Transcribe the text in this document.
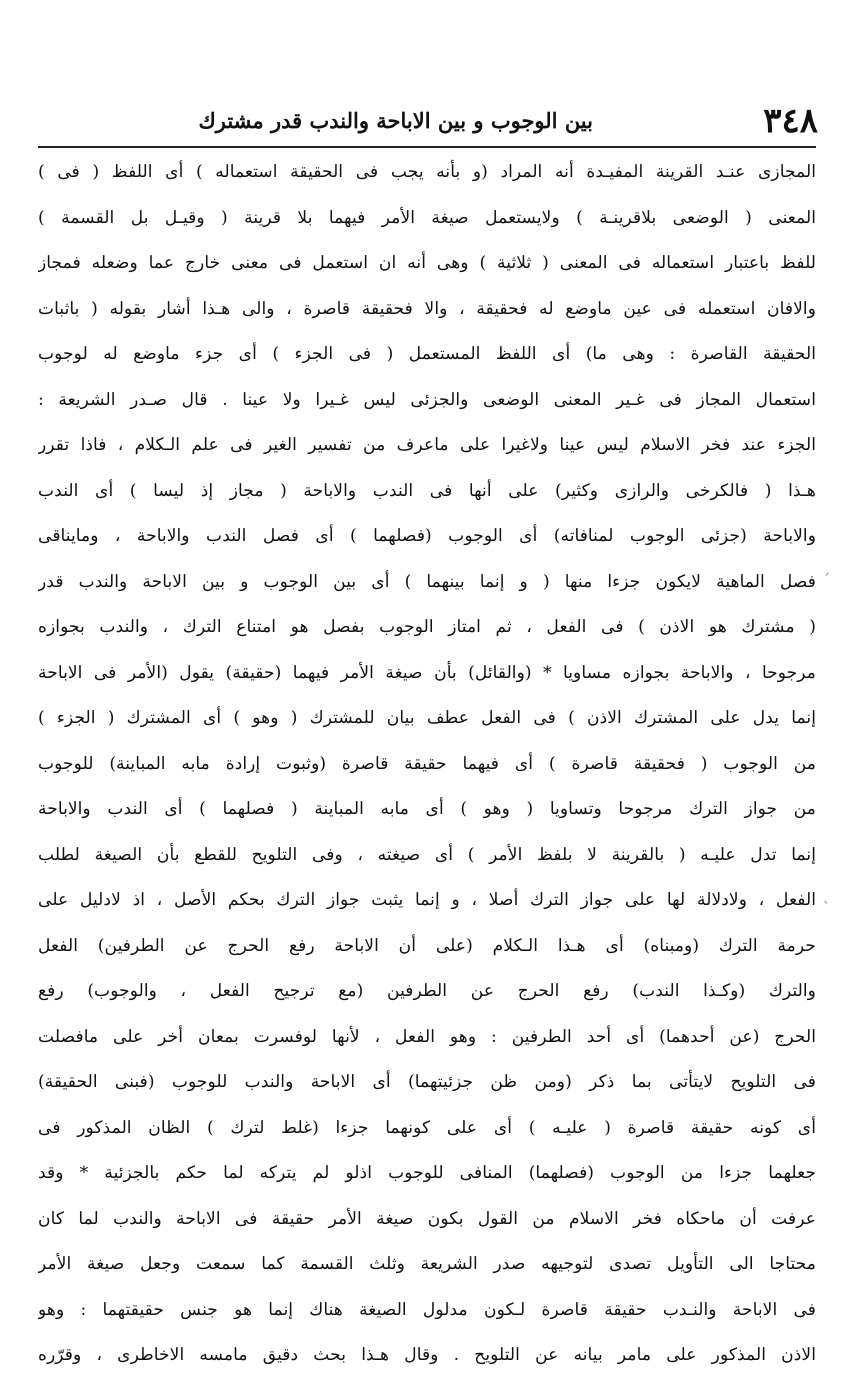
٣٤٨
بين الوجوب و بين الاباحة والندب قدر مشترك
المجازى عنـد القرينة المفيـدة أنه المراد (و بأنه يجب فى الحقيقة استعماله ) أى اللفظ ( فى )
المعنى ( الوضعى بلاقرينـة ) ولايستعمل صيغة الأمر فيهما بلا قرينة ( وقيـل بل القسمة )
للفظ باعتبار استعماله فى المعنى ( ثلاثية ) وهى أنه ان استعمل فى معنى خارج عما وضعله فمجاز
والافان استعمله فى عين ماوضع له فحقيقة ، والا فحقيقة قاصرة ، والى هـذا أشار بقوله ( باثبات
الحقيقة القاصرة : وهى ما) أى اللفظ المستعمل ( فى الجزء ) أى جزء ماوضع له لوجوب
استعمال المجاز فى غـير المعنى الوضعى والجزئى ليس غـيرا ولا عينا . قال صـدر الشريعة :
الجزء عند فخر الاسلام ليس عينا ولاغيرا على ماعرف من تفسير الغير فى علم الـكلام ، فاذا تقرر
هـذا ( فالكرخى والرازى وكثير) على أنها فى الندب والاباحة ( مجاز إذ ليسا ) أى الندب
والاباحة (جزئى الوجوب لمنافاته) أى الوجوب (فصلهما ) أى فصل الندب والاباحة ، ومايناقى
فصل الماهية لايكون جزءا منها ( و إنما بينهما ) أى بين الوجوب و بين الاباحة والندب قدر
( مشترك هو الاذن ) فى الفعل ، ثم امتاز الوجوب بفصل هو امتناع الترك ، والندب بجوازه
مرجوحا ، والاباحة بجوازه مساويا * (والقائل) بأن صيغة الأمر فيهما (حقيقة) يقول (الأمر فى الاباحة
إنما يدل على المشترك الاذن ) فى الفعل عطف بيان للمشترك ( وهو ) أى المشترك ( الجزء )
من الوجوب ( فحقيقة قاصرة ) أى فيهما حقيقة قاصرة (وثبوت إرادة مابه المباينة) للوجوب
من جواز الترك مرجوحا وتساويا ( وهو ) أى مابه المباينة ( فصلهما ) أى الندب والاباحة
إنما تدل عليـه ( بالقرينة لا بلفظ الأمر ) أى صيغته ، وفى التلويح للقطع بأن الصيغة لطلب
الفعل ، ولادلالة لها على جواز الترك أصلا ، و إنما يثبت جواز الترك بحكم الأصل ، اذ لادليل على
حرمة الترك (ومبناه) أى هـذا الـكلام (على أن الاباحة رفع الحرج عن الطرفين) الفعل
والترك (وكـذا الندب) رفع الحرج عن الطرفين (مع ترجيح الفعل ، والوجوب) رفع
الحرج (عن أحدهما) أى أحد الطرفين : وهو الفعل ، لأنها لوفسرت بمعان أخر على مافصلت
فى التلويح لايتأتى بما ذكر (ومن ظن جزئيتهما) أى الاباحة والندب للوجوب (فبنى الحقيقة)
أى كونه حقيقة قاصرة ( عليـه ) أى على كونهما جزءا (غلط لترك ) الظان المذكور فى
جعلهما جزءا من الوجوب (فصلهما) المنافى للوجوب اذلو لم يتركه لما حكم بالجزئية * وقد
عرفت أن ماحكاه فخر الاسلام من القول بكون صيغة الأمر حقيقة فى الاباحة والندب لما كان
محتاجا الى التأويل تصدى لتوجيهه صدر الشريعة وثلث القسمة كما سمعت وجعل صيغة الأمر
فى الاباحة والنـدب حقيقة قاصرة لـكون مدلول الصيغة هناك إنما هو جنس حقيقتهما : وهو
الاذن المذكور على مامر بيانه عن التلويح . وقال هـذا بحث دقيق مامسه الاخاطرى ، وقرّره
ˏ
ˎ
